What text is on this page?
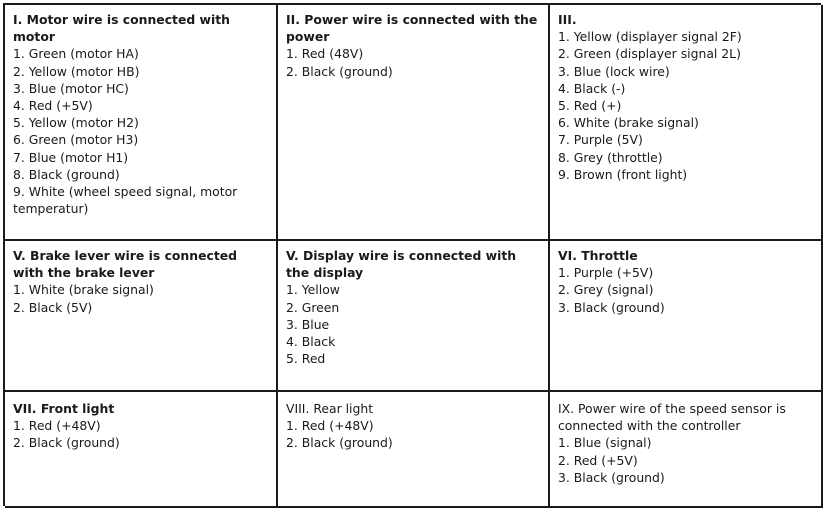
I. Motor wire is connected with motor
1. Green (motor HA)
2. Yellow (motor HB)
3. Blue (motor HC)
4. Red (+5V)
5. Yellow (motor H2)
6. Green (motor H3)
7. Blue (motor H1)
8. Black (ground)
9. White (wheel speed signal, motor temperatur)
II. Power wire is connected with the power
1. Red (48V)
2. Black (ground)
III.
1. Yellow (displayer signal 2F)
2. Green (displayer signal 2L)
3. Blue (lock wire)
4. Black (-)
5. Red (+)
6. White (brake signal)
7. Purple (5V)
8. Grey (throttle)
9. Brown (front light)
V. Brake lever wire is connected with the brake lever
1. White (brake signal)
2. Black (5V)
V. Display wire is connected with the display
1. Yellow
2. Green
3. Blue
4. Black
5. Red
VI. Throttle
1. Purple (+5V)
2. Grey (signal)
3. Black (ground)
VII. Front light
1. Red (+48V)
2. Black (ground)
VIII. Rear light
1. Red (+48V)
2. Black (ground)
IX. Power wire of the speed sensor is connected with the controller
1. Blue (signal)
2. Red (+5V)
3. Black (ground)
